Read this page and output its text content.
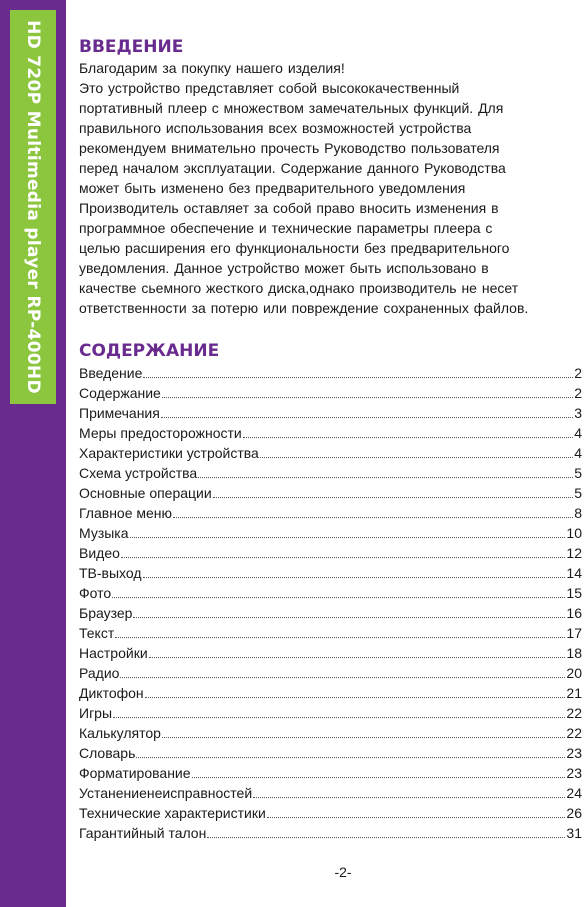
HD 720P Multimedia player RP-400HD ВВЕДЕНИЕ

Благодарим за покупку нашего изделия!

Это устройство представляет собой высококачественный

портативный плеер с множеством замечательных функций. Для

правильного использования всех возможностей устройства

рекомендуем внимательно прочесть Руководство пользователя

перед началом эксплуатации. Содержание данного Руководства

может быть изменено без предварительного уведомления

Производитель оставляет за собой право вносить изменения в

программное обеспечение и технические параметры плеера с

целью расширения его функциональности без предварительного

уведомления. Данное устройство может быть использовано в

качестве сьемного жесткого диска,однако производитель не несет

ответственности за потерю или повреждение сохраненных файлов.

СОДЕРЖАНИЕ
Введение	2
Содержание	2
Примечания	3
Меры предосторожности	4
Характеристики устройства	4
Схема устройства	5
Основные операции	5
Главное меню	8
Музыка	10
Видео	12
ТВ-выход	14
Фото	15
Браузер	16
Текст	17
Настройки	18
Радио	20
Диктофон	21
Игры	22
Калькулятор	22
Словарь	23
Форматирование	23
Устанениенеисправностей	24
Технические характеристики	26
Гарантийный талон	31
-2-
